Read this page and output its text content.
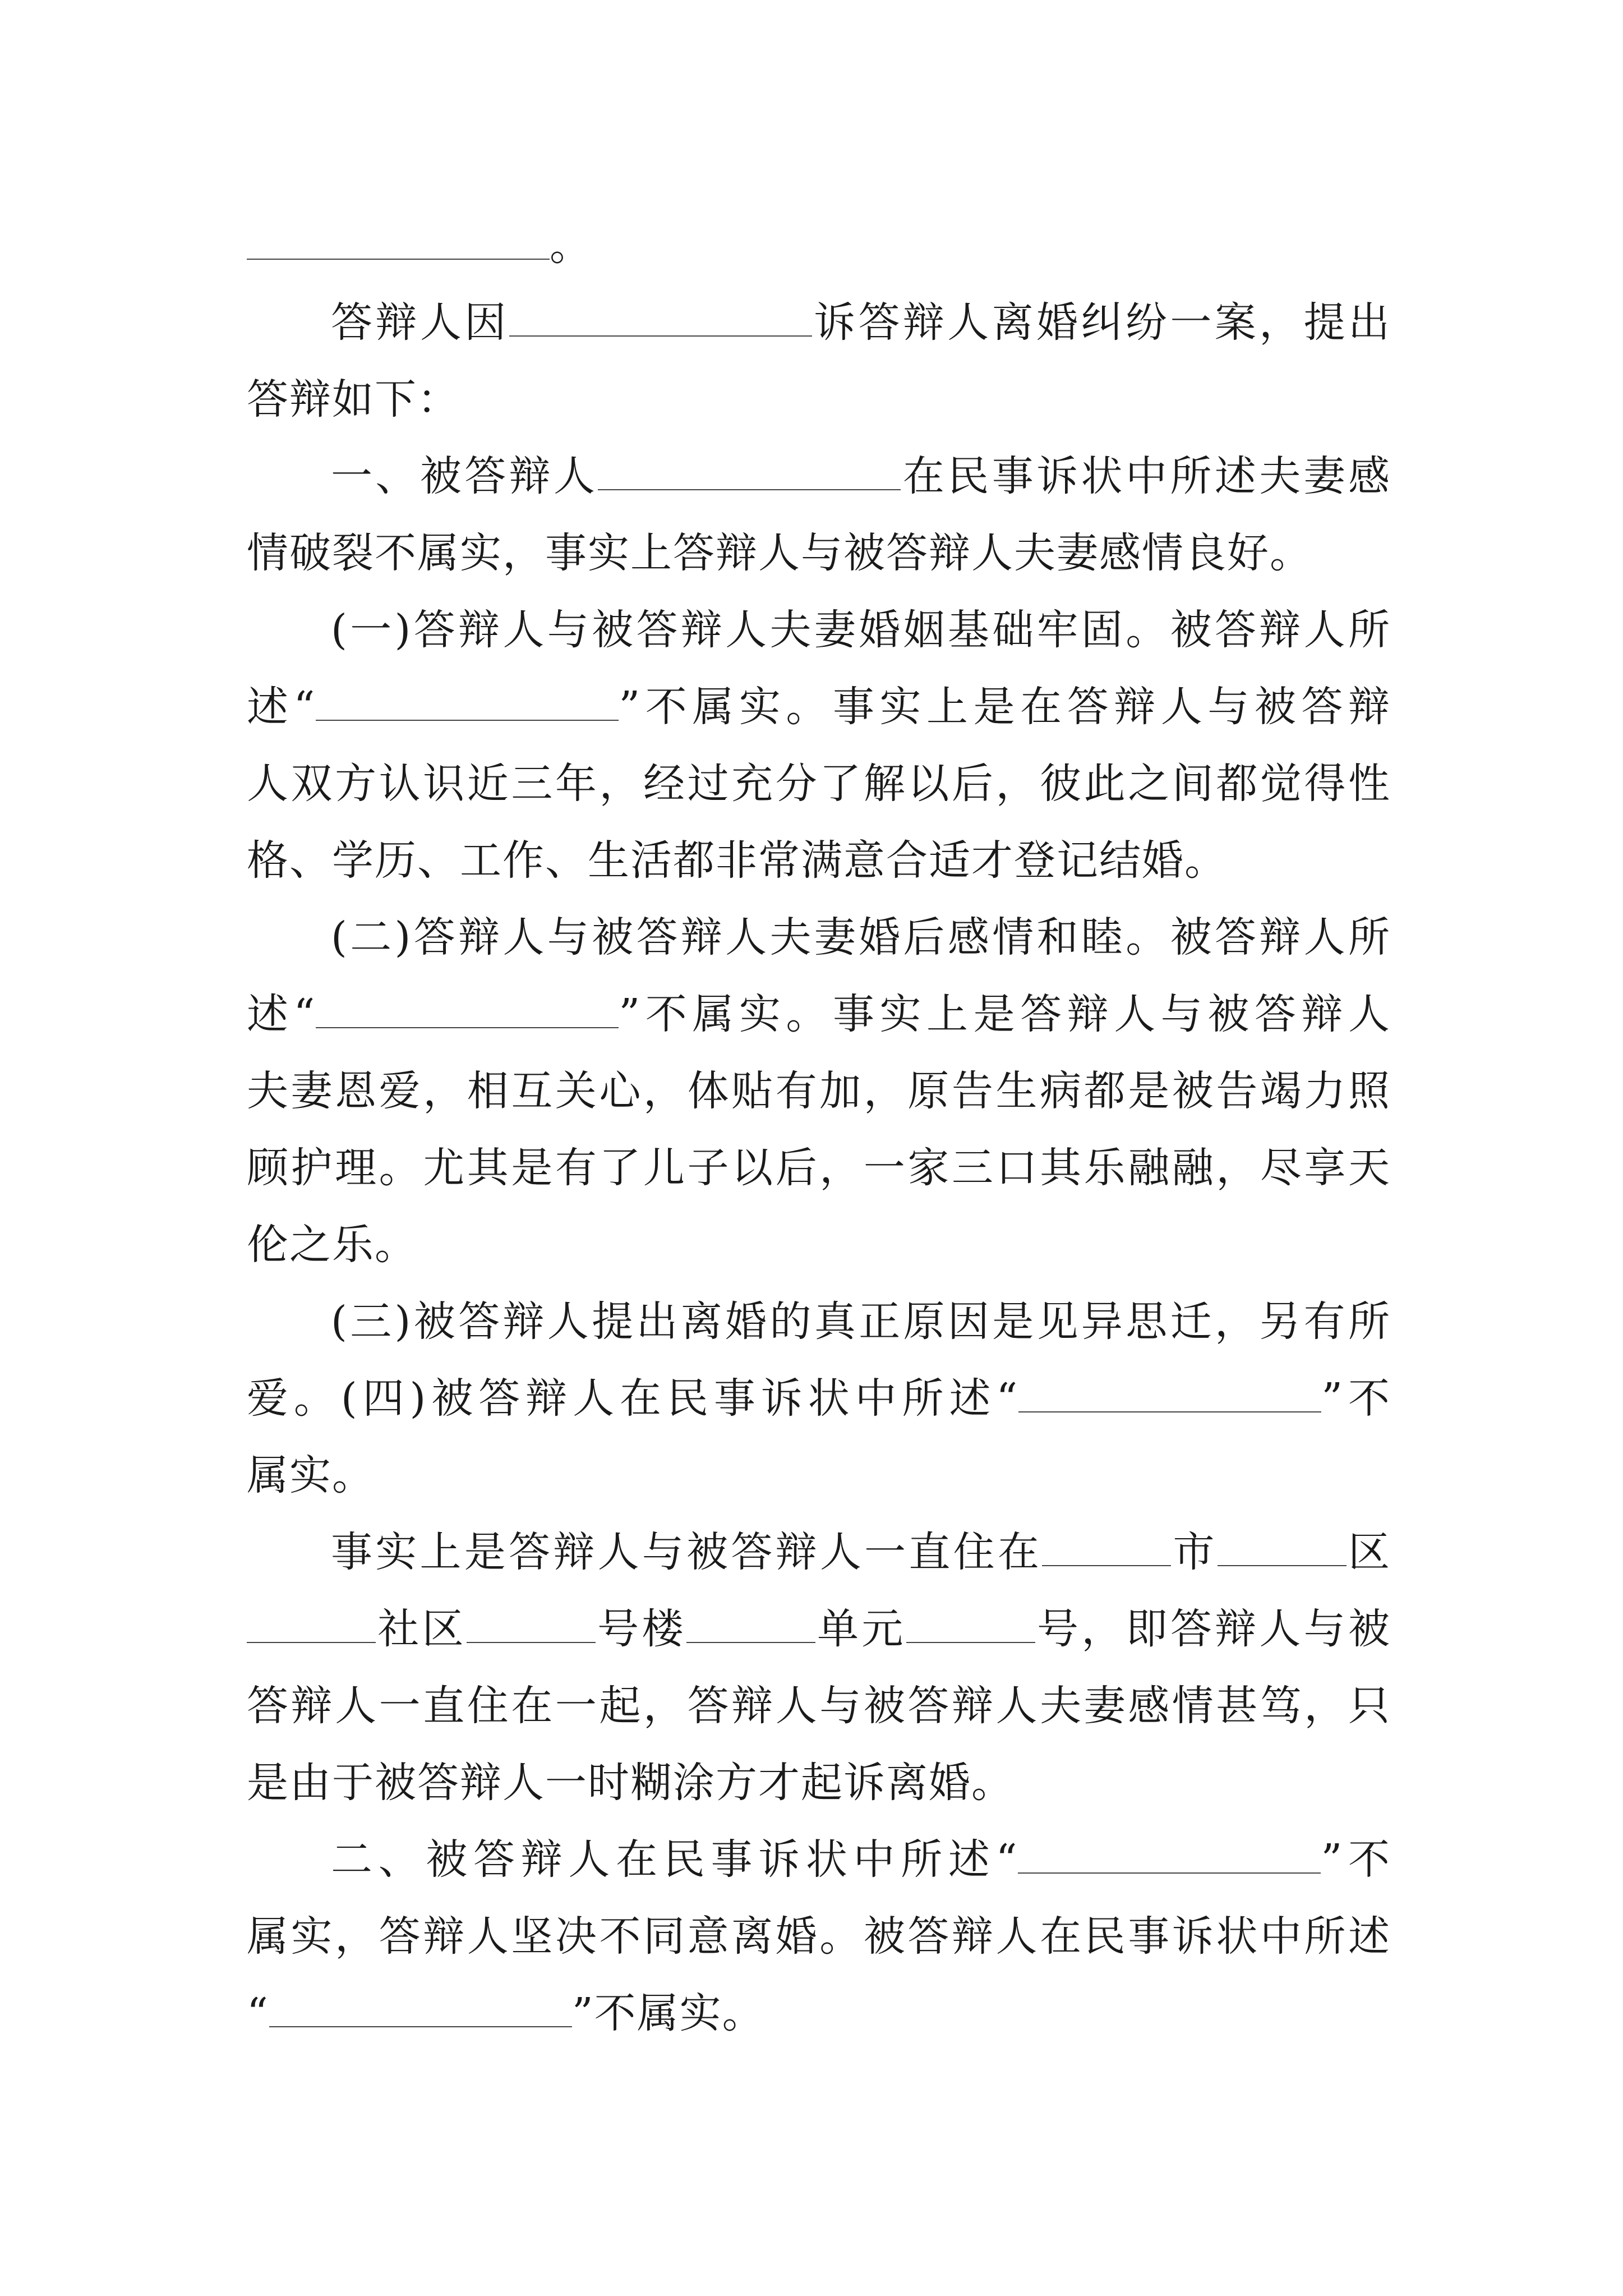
。
答辩人因	诉答辩人离婚纠纷一案，提出
答辩如下：
一、被答辩人	在民事诉状中所述夫妻感
情破裂不属实，事实上答辩人与被答辩人夫妻感情良好。
(一)答辩人与被答辩人夫妻婚姻基础牢固。被答辩人所
述“	”不属实。事实上是在答辩人与被答辩
人双方认识近三年，经过充分了解以后，彼此之间都觉得性
格、学历、工作、生活都非常满意合适才登记结婚。
(二)答辩人与被答辩人夫妻婚后感情和睦。被答辩人所
述“	”不属实。事实上是答辩人与被答辩人
夫妻恩爱，相互关心，体贴有加，原告生病都是被告竭力照
顾护理。尤其是有了儿子以后，一家三口其乐融融，尽享天
伦之乐。
(三)被答辩人提出离婚的真正原因是见异思迁，另有所
爱。(四)被答辩人在民事诉状中所述“	”不
属实。
事实上是答辩人与被答辩人一直住在	市	区
社区	号楼	单元	号，即答辩人与被
答辩人一直住在一起，答辩人与被答辩人夫妻感情甚笃，只
是由于被答辩人一时糊涂方才起诉离婚。
二、被答辩人在民事诉状中所述“	”不
属实，答辩人坚决不同意离婚。被答辩人在民事诉状中所述
“	”不属实。
